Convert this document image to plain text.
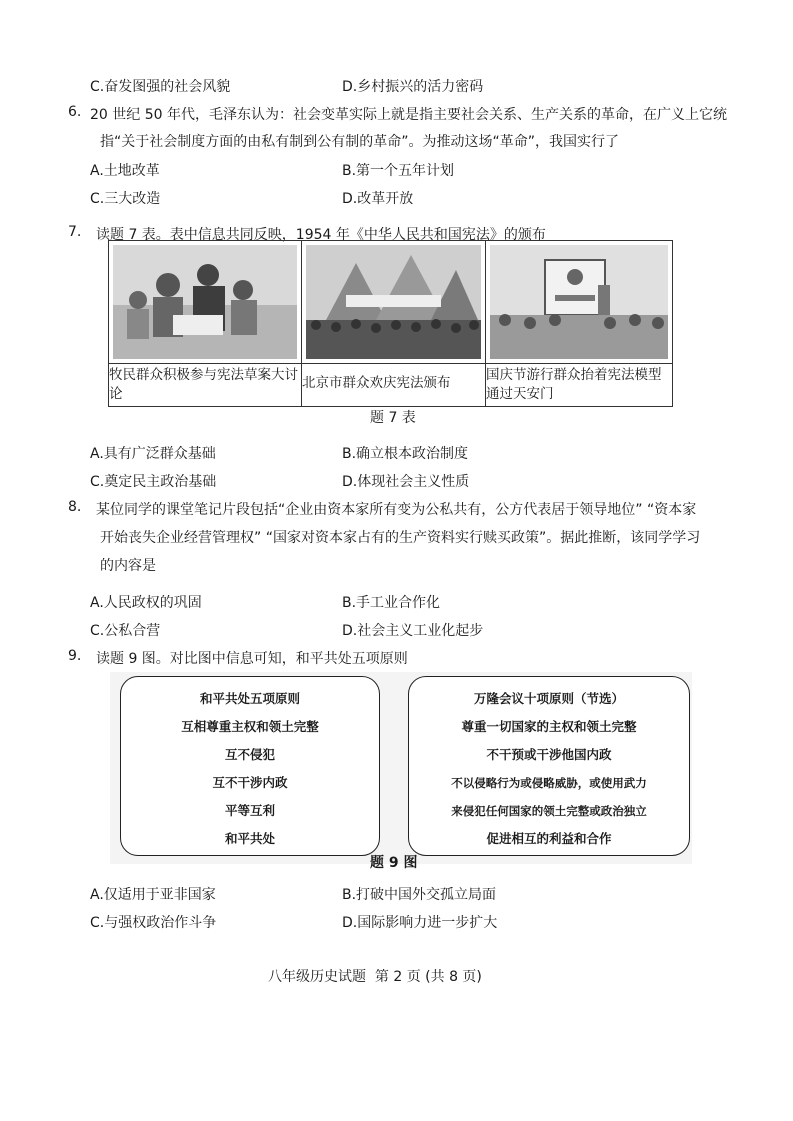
C.奋发图强的社会风貌	D.乡村振兴的活力密码
6. 20 世纪 50 年代，毛泽东认为：社会变革实际上就是指主要社会关系、生产关系的革命，在广义上它统
指“关于社会制度方面的由私有制到公有制的革命”。为推动这场“革命”，我国实行了
A.土地改革	B.第一个五年计划
C.三大改造	D.改革开放
7. 读题 7 表。表中信息共同反映，1954 年《中华人民共和国宪法》的颁布

牧民群众积极参与宪法草案大讨论	北京市群众欢庆宪法颁布	国庆节游行群众抬着宪法模型通过天安门
题 7 表
A.具有广泛群众基础	B.确立根本政治制度
C.奠定民主政治基础	D.体现社会主义性质
8. 某位同学的课堂笔记片段包括“企业由资本家所有变为公私共有，公方代表居于领导地位” “资本家
开始丧失企业经营管理权” “国家对资本家占有的生产资料实行赎买政策”。据此推断，该同学学习
的内容是
A.人民政权的巩固	B.手工业合作化
C.公私合营	D.社会主义工业化起步
9. 读题 9 图。对比图中信息可知，和平共处五项原则
和平共处五项原则
互相尊重主权和领土完整
互不侵犯
互不干涉内政
平等互利
和平共处
万隆会议十项原则（节选）
尊重一切国家的主权和领土完整
不干预或干涉他国内政
不以侵略行为或侵略威胁，或使用武力
来侵犯任何国家的领土完整或政治独立
促进相互的利益和合作
题 9 图
A.仅适用于亚非国家	B.打破中国外交孤立局面
C.与强权政治作斗争	D.国际影响力进一步扩大
八年级历史试题  第 2 页 (共 8 页)
